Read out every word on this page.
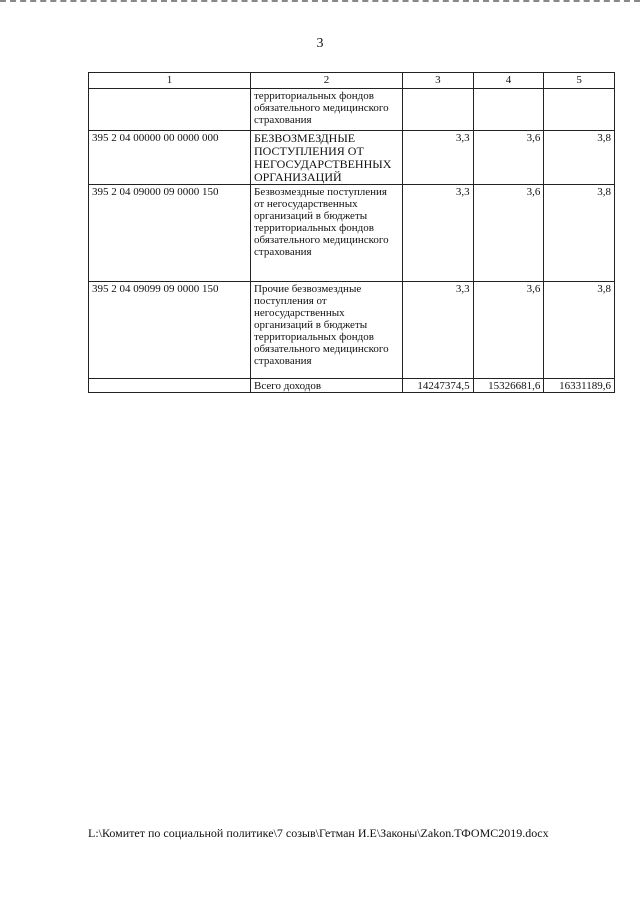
3
1	2	3	4	5
	территориальных фондов обязательного медицинского страхования			
395 2 04 00000 00 0000 000	БЕЗВОЗМЕЗДНЫЕ ПОСТУПЛЕНИЯ ОТ НЕГОСУДАРСТВЕННЫХ ОРГАНИЗАЦИЙ	3,3	3,6	3,8
395 2 04 09000 09 0000 150	Безвозмездные поступления от негосударственных организаций в бюджеты территориальных фондов обязательного медицинского страхования	3,3	3,6	3,8
395 2 04 09099 09 0000 150	Прочие безвозмездные поступления от негосударственных организаций в бюджеты территориальных фондов обязательного медицинского страхования	3,3	3,6	3,8
	Всего доходов	14247374,5	15326681,6	16331189,6
L:\Комитет по социальной политике\7 созыв\Гетман И.Е\Законы\Zakon.ТФОМС2019.docx
